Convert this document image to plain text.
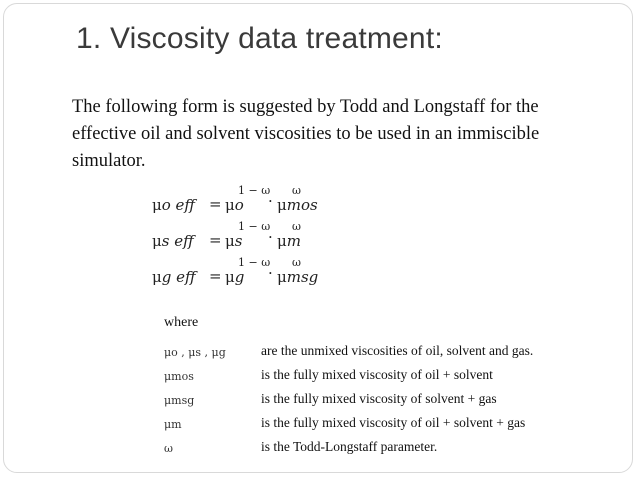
1. Viscosity data treatment:

The following form is suggested by Todd and Longstaff for the effective oil and solvent viscosities to be used in an immiscible simulator.

μo eff = μo
1 − ω
· μmos
ω
μs eff = μs
1 − ω
· μm
ω
μg eff = μg
1 − ω
· μmsg
ω
where
μo , μs , μg	are the unmixed viscosities of oil, solvent and gas.
μmos	is the fully mixed viscosity of oil + solvent
μmsg	is the fully mixed viscosity of solvent + gas
μm	is the fully mixed viscosity of oil + solvent + gas
ω	is the Todd-Longstaff parameter.
